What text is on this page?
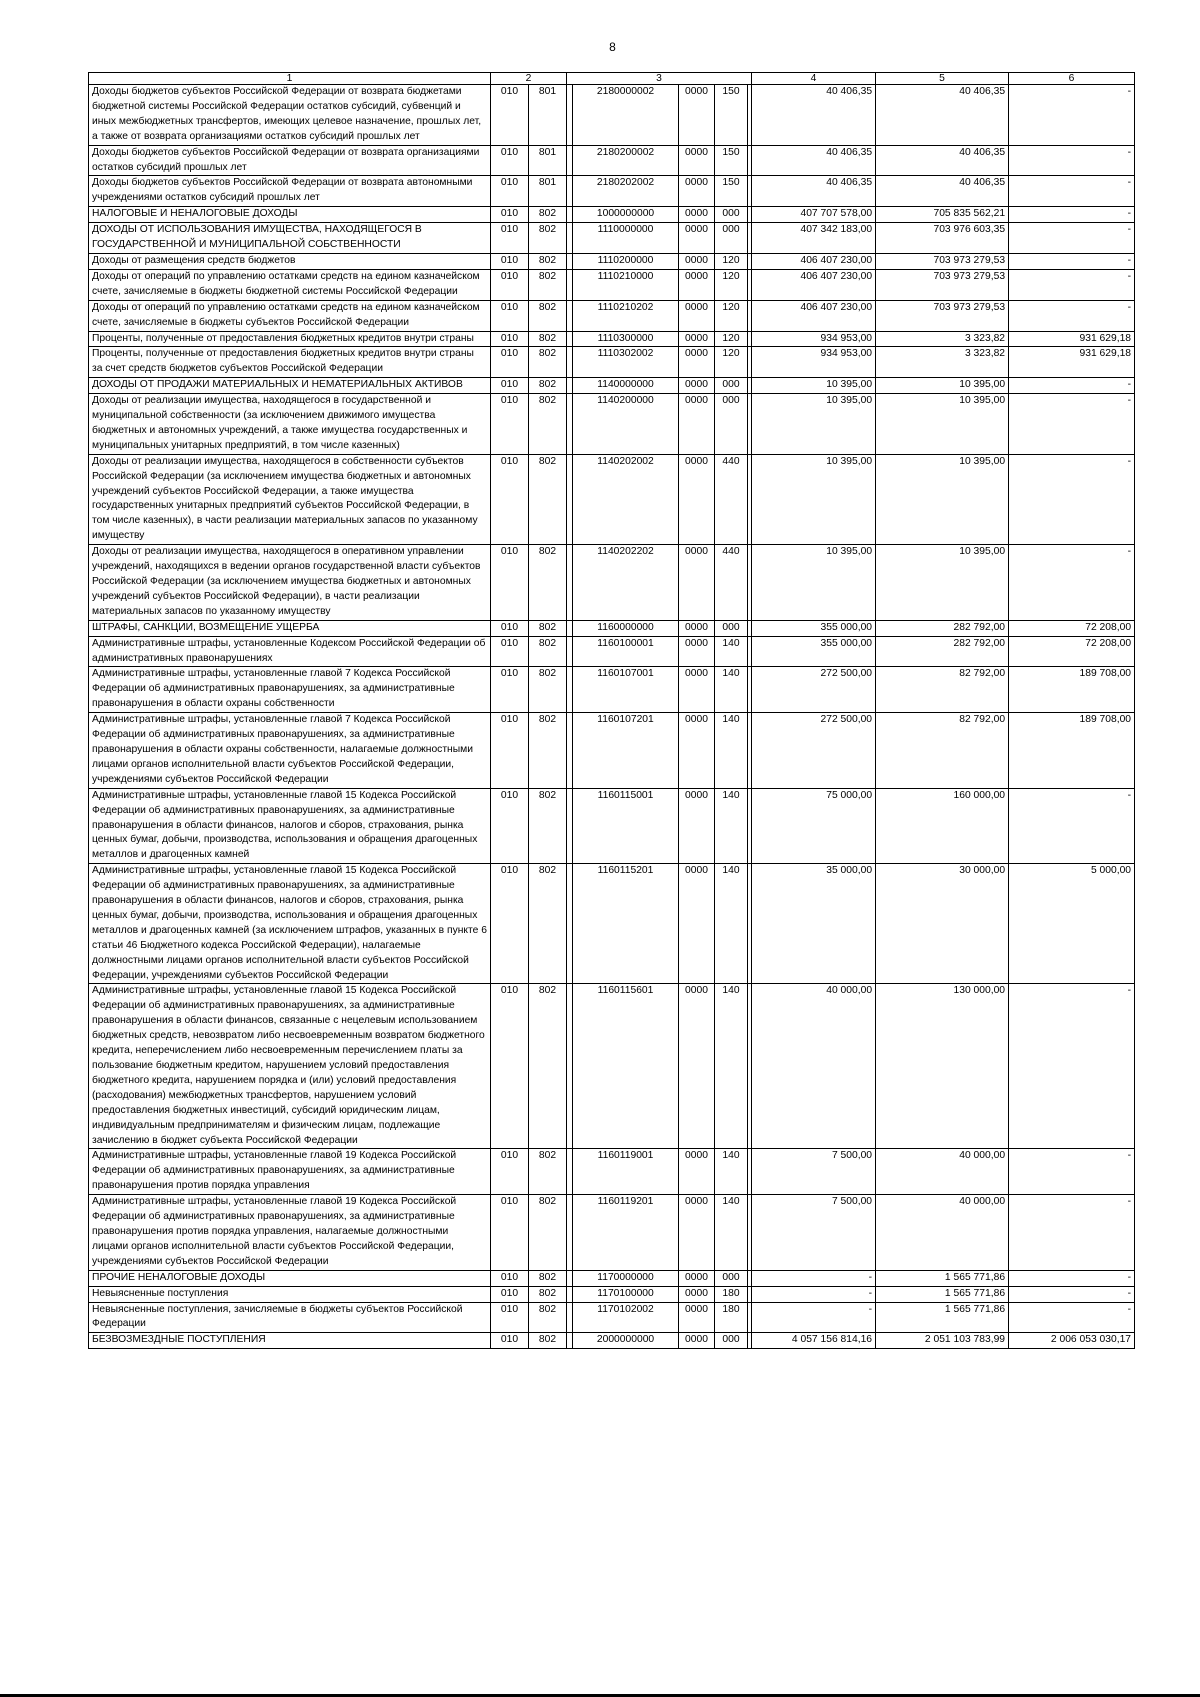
8
1	2		3					4	5	6
Доходы бюджетов субъектов Российской Федерации от возврата бюджетами бюджетной системы Российской Федерации остатков субсидий, субвенций и иных межбюджетных трансфертов, имеющих целевое назначение, прошлых лет, а также от возврата организациями остатков субсидий прошлых лет	010	801		2180000002	0000	150		40 406,35	40 406,35	-
Доходы бюджетов субъектов Российской Федерации от возврата организациями остатков субсидий прошлых лет	010	801		2180200002	0000	150		40 406,35	40 406,35	-
Доходы бюджетов субъектов Российской Федерации от возврата автономными учреждениями остатков субсидий прошлых лет	010	801		2180202002	0000	150		40 406,35	40 406,35	-
НАЛОГОВЫЕ И НЕНАЛОГОВЫЕ ДОХОДЫ	010	802		1000000000	0000	000		407 707 578,00	705 835 562,21	-
ДОХОДЫ ОТ ИСПОЛЬЗОВАНИЯ ИМУЩЕСТВА, НАХОДЯЩЕГОСЯ В ГОСУДАРСТВЕННОЙ И МУНИЦИПАЛЬНОЙ СОБСТВЕННОСТИ	010	802		1110000000	0000	000		407 342 183,00	703 976 603,35	-
Доходы от размещения средств бюджетов	010	802		1110200000	0000	120		406 407 230,00	703 973 279,53	-
Доходы от операций по управлению остатками средств на едином казначейском счете, зачисляемые в бюджеты бюджетной системы Российской Федерации	010	802		1110210000	0000	120		406 407 230,00	703 973 279,53	-
Доходы от операций по управлению остатками средств на едином казначейском счете, зачисляемые в бюджеты субъектов Российской Федерации	010	802		1110210202	0000	120		406 407 230,00	703 973 279,53	-
Проценты, полученные от предоставления бюджетных кредитов внутри страны	010	802		1110300000	0000	120		934 953,00	3 323,82	931 629,18
Проценты, полученные от предоставления бюджетных кредитов внутри страны за счет средств бюджетов субъектов Российской Федерации	010	802		1110302002	0000	120		934 953,00	3 323,82	931 629,18
ДОХОДЫ ОТ ПРОДАЖИ МАТЕРИАЛЬНЫХ И НЕМАТЕРИАЛЬНЫХ АКТИВОВ	010	802		1140000000	0000	000		10 395,00	10 395,00	-
Доходы от реализации имущества, находящегося в государственной и муниципальной собственности (за исключением движимого имущества бюджетных и автономных учреждений, а также имущества государственных и муниципальных унитарных предприятий, в том числе казенных)	010	802		1140200000	0000	000		10 395,00	10 395,00	-
Доходы от реализации имущества, находящегося в собственности субъектов Российской Федерации (за исключением имущества бюджетных и автономных учреждений субъектов Российской Федерации, а также имущества государственных унитарных предприятий субъектов Российской Федерации, в том числе казенных), в части реализации материальных запасов по указанному имуществу	010	802		1140202002	0000	440		10 395,00	10 395,00	-
Доходы от реализации имущества, находящегося в оперативном управлении учреждений, находящихся в ведении органов государственной власти субъектов Российской Федерации (за исключением имущества бюджетных и автономных учреждений субъектов Российской Федерации), в части реализации материальных запасов по указанному имуществу	010	802		1140202202	0000	440		10 395,00	10 395,00	-
ШТРАФЫ, САНКЦИИ, ВОЗМЕЩЕНИЕ УЩЕРБА	010	802		1160000000	0000	000		355 000,00	282 792,00	72 208,00
Административные штрафы, установленные Кодексом Российской Федерации об административных правонарушениях	010	802		1160100001	0000	140		355 000,00	282 792,00	72 208,00
Административные штрафы, установленные главой 7 Кодекса Российской Федерации об административных правонарушениях, за административные правонарушения в области охраны собственности	010	802		1160107001	0000	140		272 500,00	82 792,00	189 708,00
Административные штрафы, установленные главой 7 Кодекса Российской Федерации об административных правонарушениях, за административные правонарушения в области охраны собственности, налагаемые должностными лицами органов исполнительной власти субъектов Российской Федерации, учреждениями субъектов Российской Федерации	010	802		1160107201	0000	140		272 500,00	82 792,00	189 708,00
Административные штрафы, установленные главой 15 Кодекса Российской Федерации об административных правонарушениях, за административные правонарушения в области финансов, налогов и сборов, страхования, рынка ценных бумаг, добычи, производства, использования и обращения драгоценных металлов и драгоценных камней	010	802		1160115001	0000	140		75 000,00	160 000,00	-
Административные штрафы, установленные главой 15 Кодекса Российской Федерации об административных правонарушениях, за административные правонарушения в области финансов, налогов и сборов, страхования, рынка ценных бумаг, добычи, производства, использования и обращения драгоценных металлов и драгоценных камней (за исключением штрафов, указанных в пункте 6 статьи 46 Бюджетного кодекса Российской Федерации), налагаемые должностными лицами органов исполнительной власти субъектов Российской Федерации, учреждениями субъектов Российской Федерации	010	802		1160115201	0000	140		35 000,00	30 000,00	5 000,00
Административные штрафы, установленные главой 15 Кодекса Российской Федерации об административных правонарушениях, за административные правонарушения в области финансов, связанные с нецелевым использованием бюджетных средств, невозвратом либо несвоевременным возвратом бюджетного кредита, неперечислением либо несвоевременным перечислением платы за пользование бюджетным кредитом, нарушением условий предоставления бюджетного кредита, нарушением порядка и (или) условий предоставления (расходования) межбюджетных трансфертов, нарушением условий предоставления бюджетных инвестиций, субсидий юридическим лицам, индивидуальным предпринимателям и физическим лицам, подлежащие зачислению в бюджет субъекта Российской Федерации	010	802		1160115601	0000	140		40 000,00	130 000,00	-
Административные штрафы, установленные главой 19 Кодекса Российской Федерации об административных правонарушениях, за административные правонарушения против порядка управления	010	802		1160119001	0000	140		7 500,00	40 000,00	-
Административные штрафы, установленные главой 19 Кодекса Российской Федерации об административных правонарушениях, за административные правонарушения против порядка управления, налагаемые должностными лицами органов исполнительной власти субъектов Российской Федерации, учреждениями субъектов Российской Федерации	010	802		1160119201	0000	140		7 500,00	40 000,00	-
ПРОЧИЕ НЕНАЛОГОВЫЕ ДОХОДЫ	010	802		1170000000	0000	000		-	1 565 771,86	-
Невыясненные поступления	010	802		1170100000	0000	180		-	1 565 771,86	-
Невыясненные поступления, зачисляемые в бюджеты субъектов Российской Федерации	010	802		1170102002	0000	180		-	1 565 771,86	-
БЕЗВОЗМЕЗДНЫЕ ПОСТУПЛЕНИЯ	010	802		2000000000	0000	000		4 057 156 814,16	2 051 103 783,99	2 006 053 030,17
